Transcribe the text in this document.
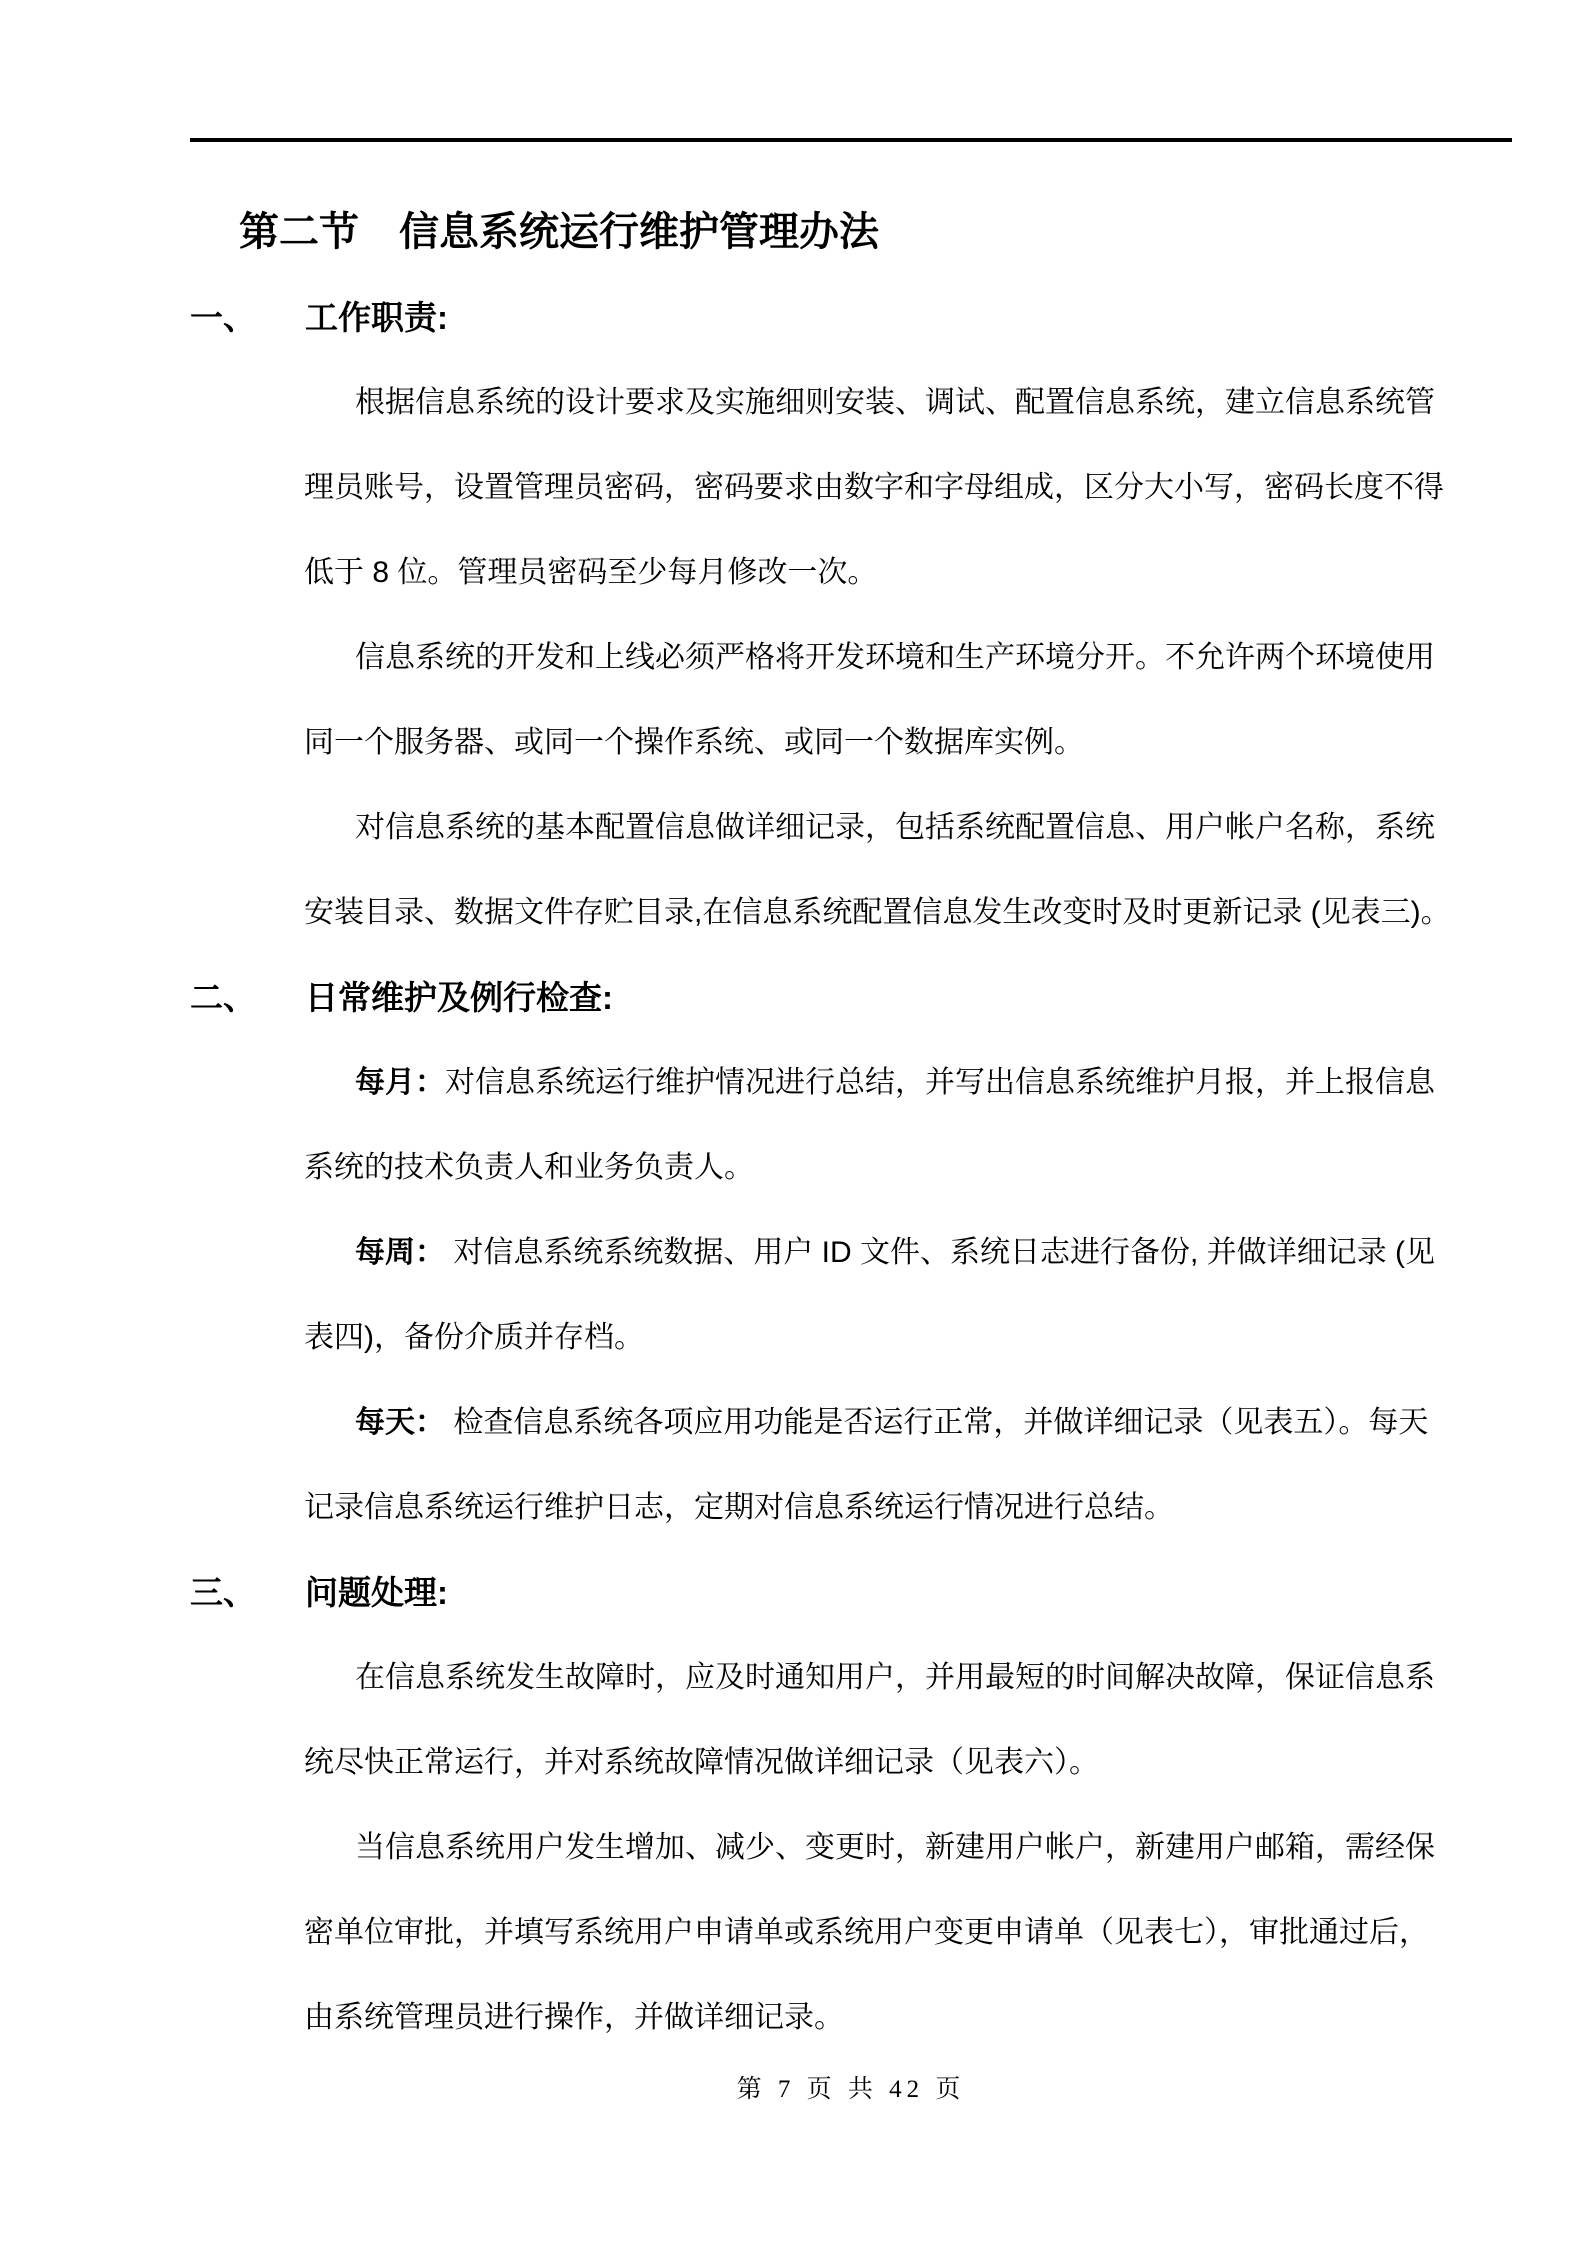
第二节　信息系统运行维护管理办法
一、	工作职责:
根据信息系统的设计要求及实施细则安装、调试、配置信息系统，建立信息系统管
理员账号，设置管理员密码，密码要求由数字和字母组成，区分大小写，密码长度不得
低于 8 位。管理员密码至少每月修改一次。
信息系统的开发和上线必须严格将开发环境和生产环境分开。不允许两个环境使用
同一个服务器、或同一个操作系统、或同一个数据库实例。
对信息系统的基本配置信息做详细记录，包括系统配置信息、用户帐户名称，系统
安装目录、数据文件存贮目录,在信息系统配置信息发生改变时及时更新记录 (见表三)。
二、	日常维护及例行检查:
每月：对信息系统运行维护情况进行总结，并写出信息系统维护月报，并上报信息
系统的技术负责人和业务负责人。
每周： 对信息系统系统数据、用户 ID 文件、系统日志进行备份, 并做详细记录 (见
表四)，备份介质并存档。
每天： 检查信息系统各项应用功能是否运行正常，并做详细记录（见表五）。每天
记录信息系统运行维护日志，定期对信息系统运行情况进行总结。
三、	问题处理:
在信息系统发生故障时，应及时通知用户，并用最短的时间解决故障，保证信息系
统尽快正常运行，并对系统故障情况做详细记录（见表六）。
当信息系统用户发生增加、减少、变更时，新建用户帐户，新建用户邮箱，需经保
密单位审批，并填写系统用户申请单或系统用户变更申请单（见表七），审批通过后，
由系统管理员进行操作，并做详细记录。
第 7 页 共 42 页
